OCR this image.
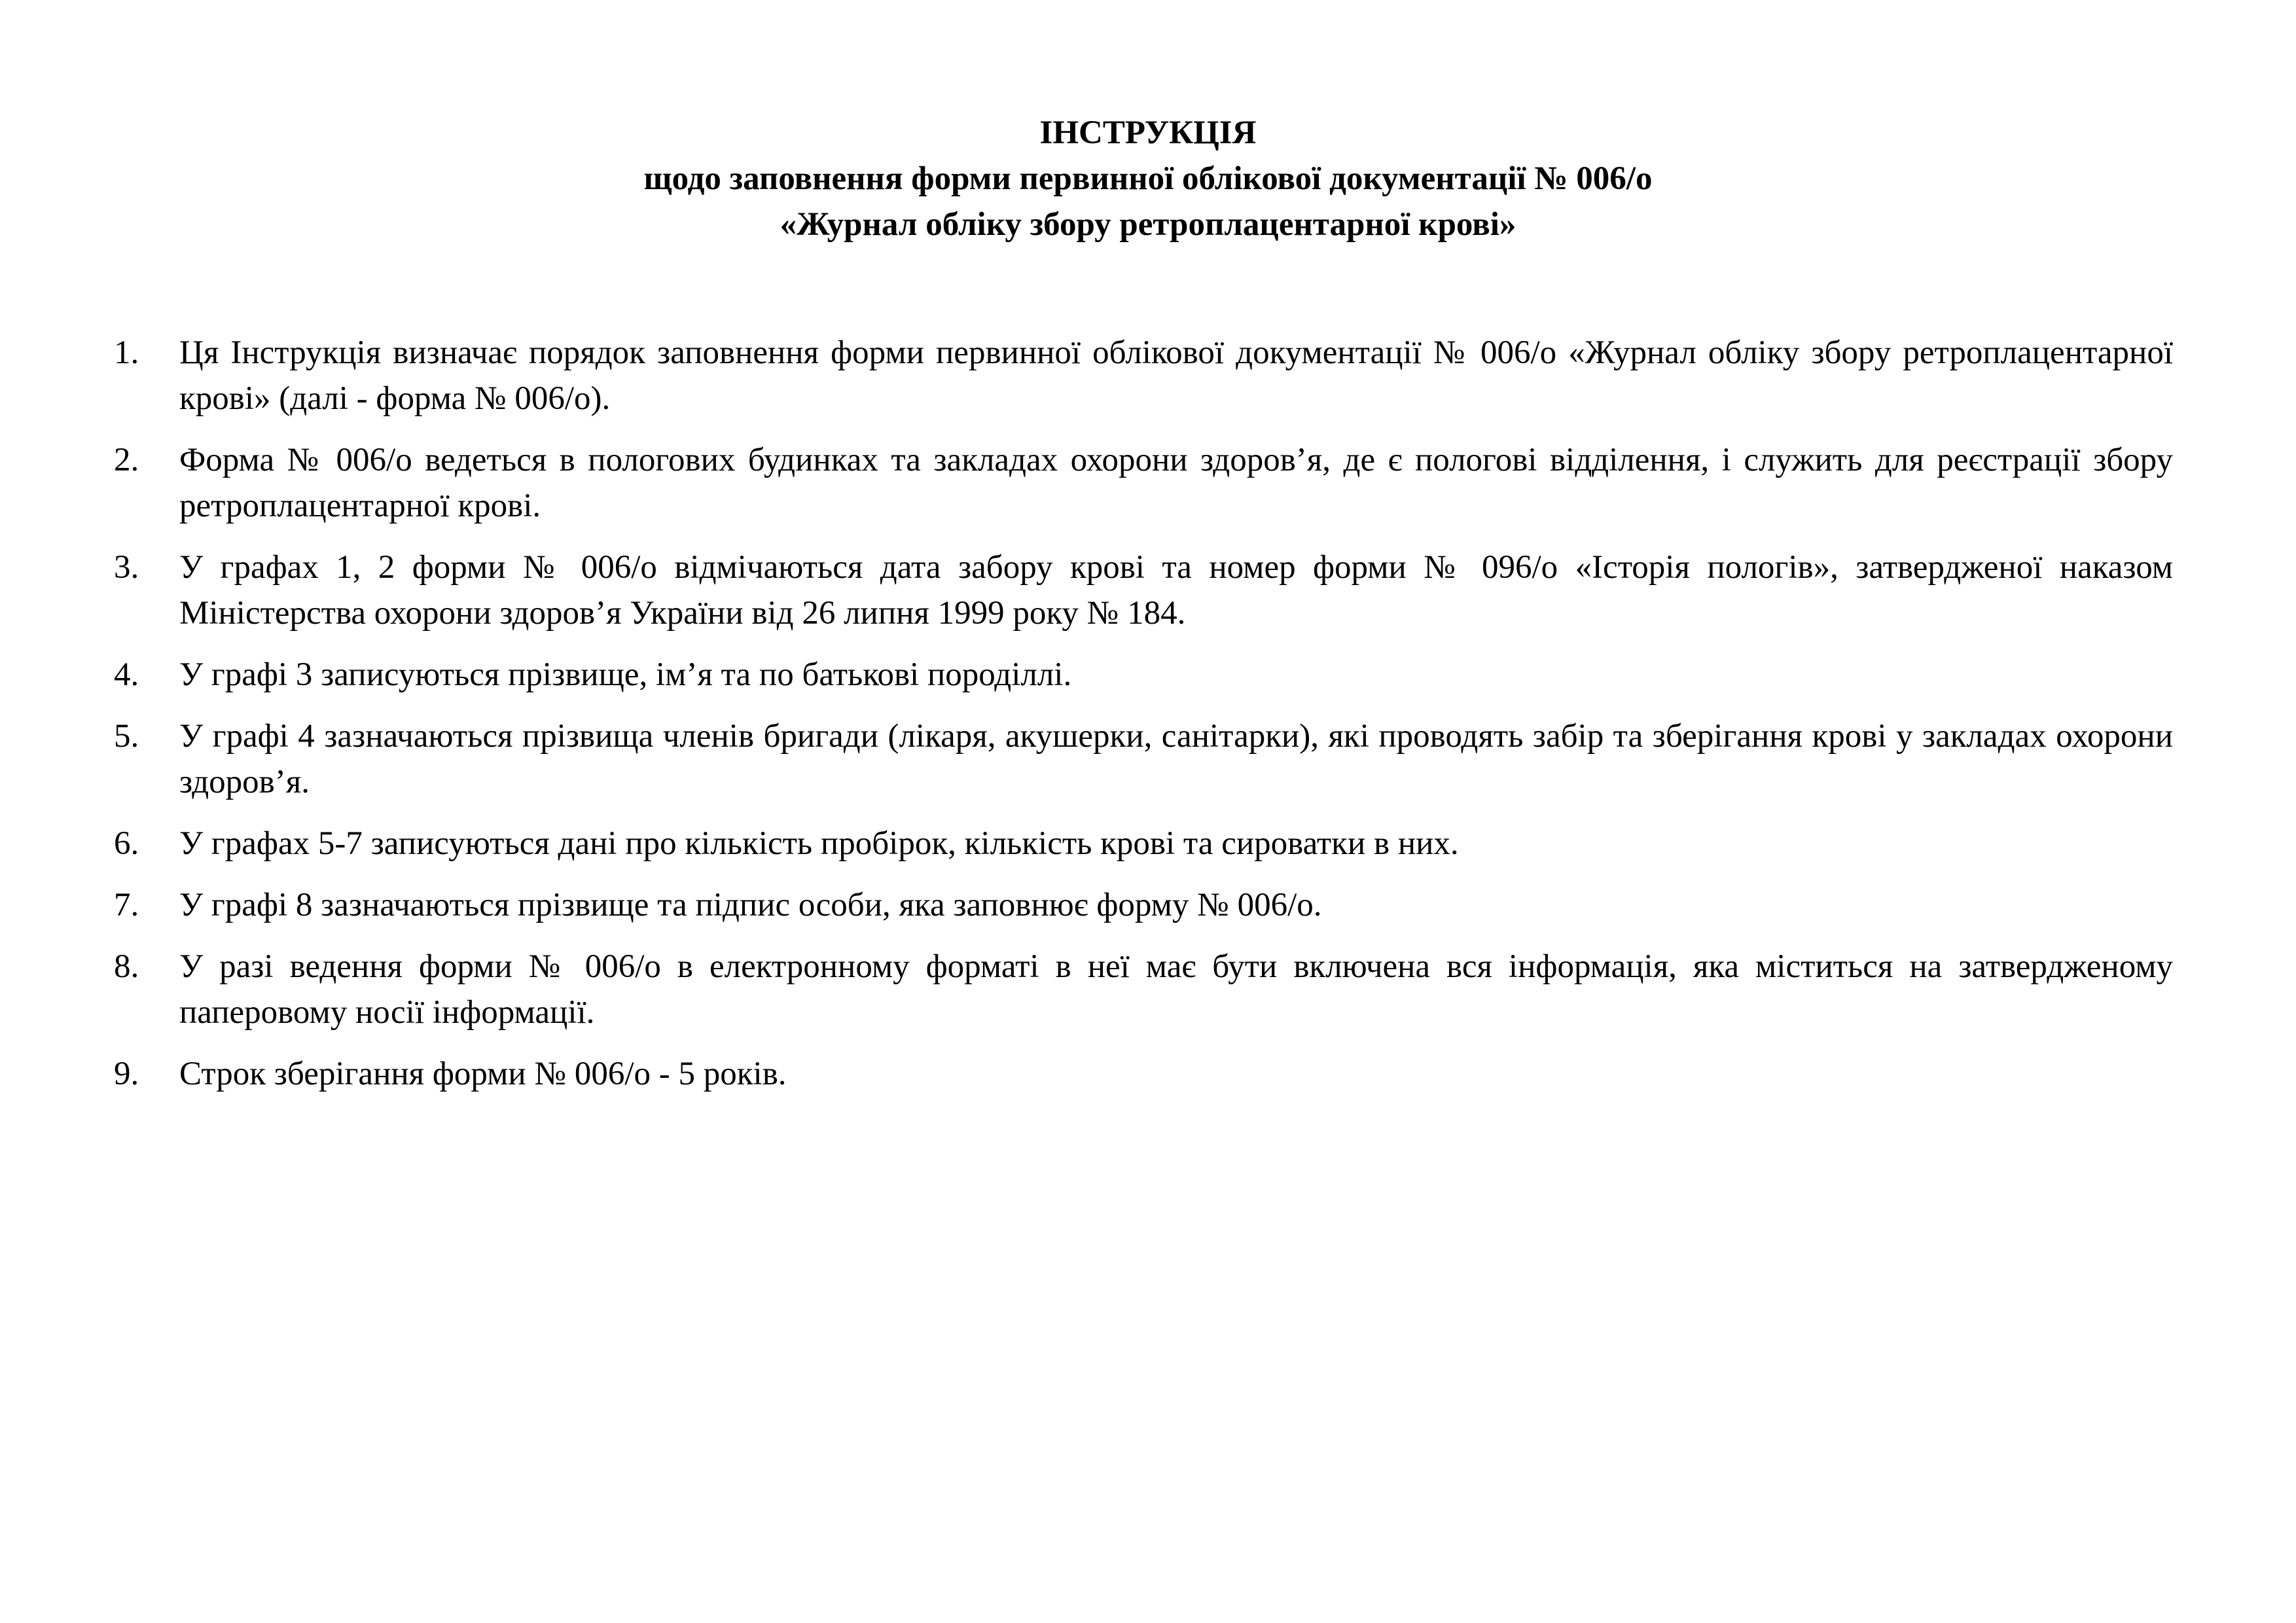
ІНСТРУКЦІЯ
щодо заповнення форми первинної облікової документації № 006/о
«Журнал обліку збору ретроплацентарної крові»
1.	Ця Інструкція визначає порядок заповнення форми первинної облікової документації № 006/о «Журнал обліку збору ретроплацентарної крові» (далі - форма № 006/о).
2.	Форма № 006/о ведеться в пологових будинках та закладах охорони здоров’я, де є пологові відділення, і служить для реєстрації збору ретроплацентарної крові.
3.	У графах 1, 2 форми № 006/о відмічаються дата забору крові та номер форми № 096/о «Історія пологів», затвердженої наказом Міністерства охорони здоров’я України від 26 липня 1999 року № 184.
4.	У графі 3 записуються прізвище, ім’я та по батькові породіллі.
5.	У графі 4 зазначаються прізвища членів бригади (лікаря, акушерки, санітарки), які проводять забір та зберігання крові у закладах охорони здоров’я.
6.	У графах 5-7 записуються дані про кількість пробірок, кількість крові та сироватки в них.
7.	У графі 8 зазначаються прізвище та підпис особи, яка заповнює форму № 006/о.
8.	У разі ведення форми № 006/о в електронному форматі в неї має бути включена вся інформація, яка міститься на затвердженому паперовому носії інформації.
9.	Строк зберігання форми № 006/о - 5 років.
